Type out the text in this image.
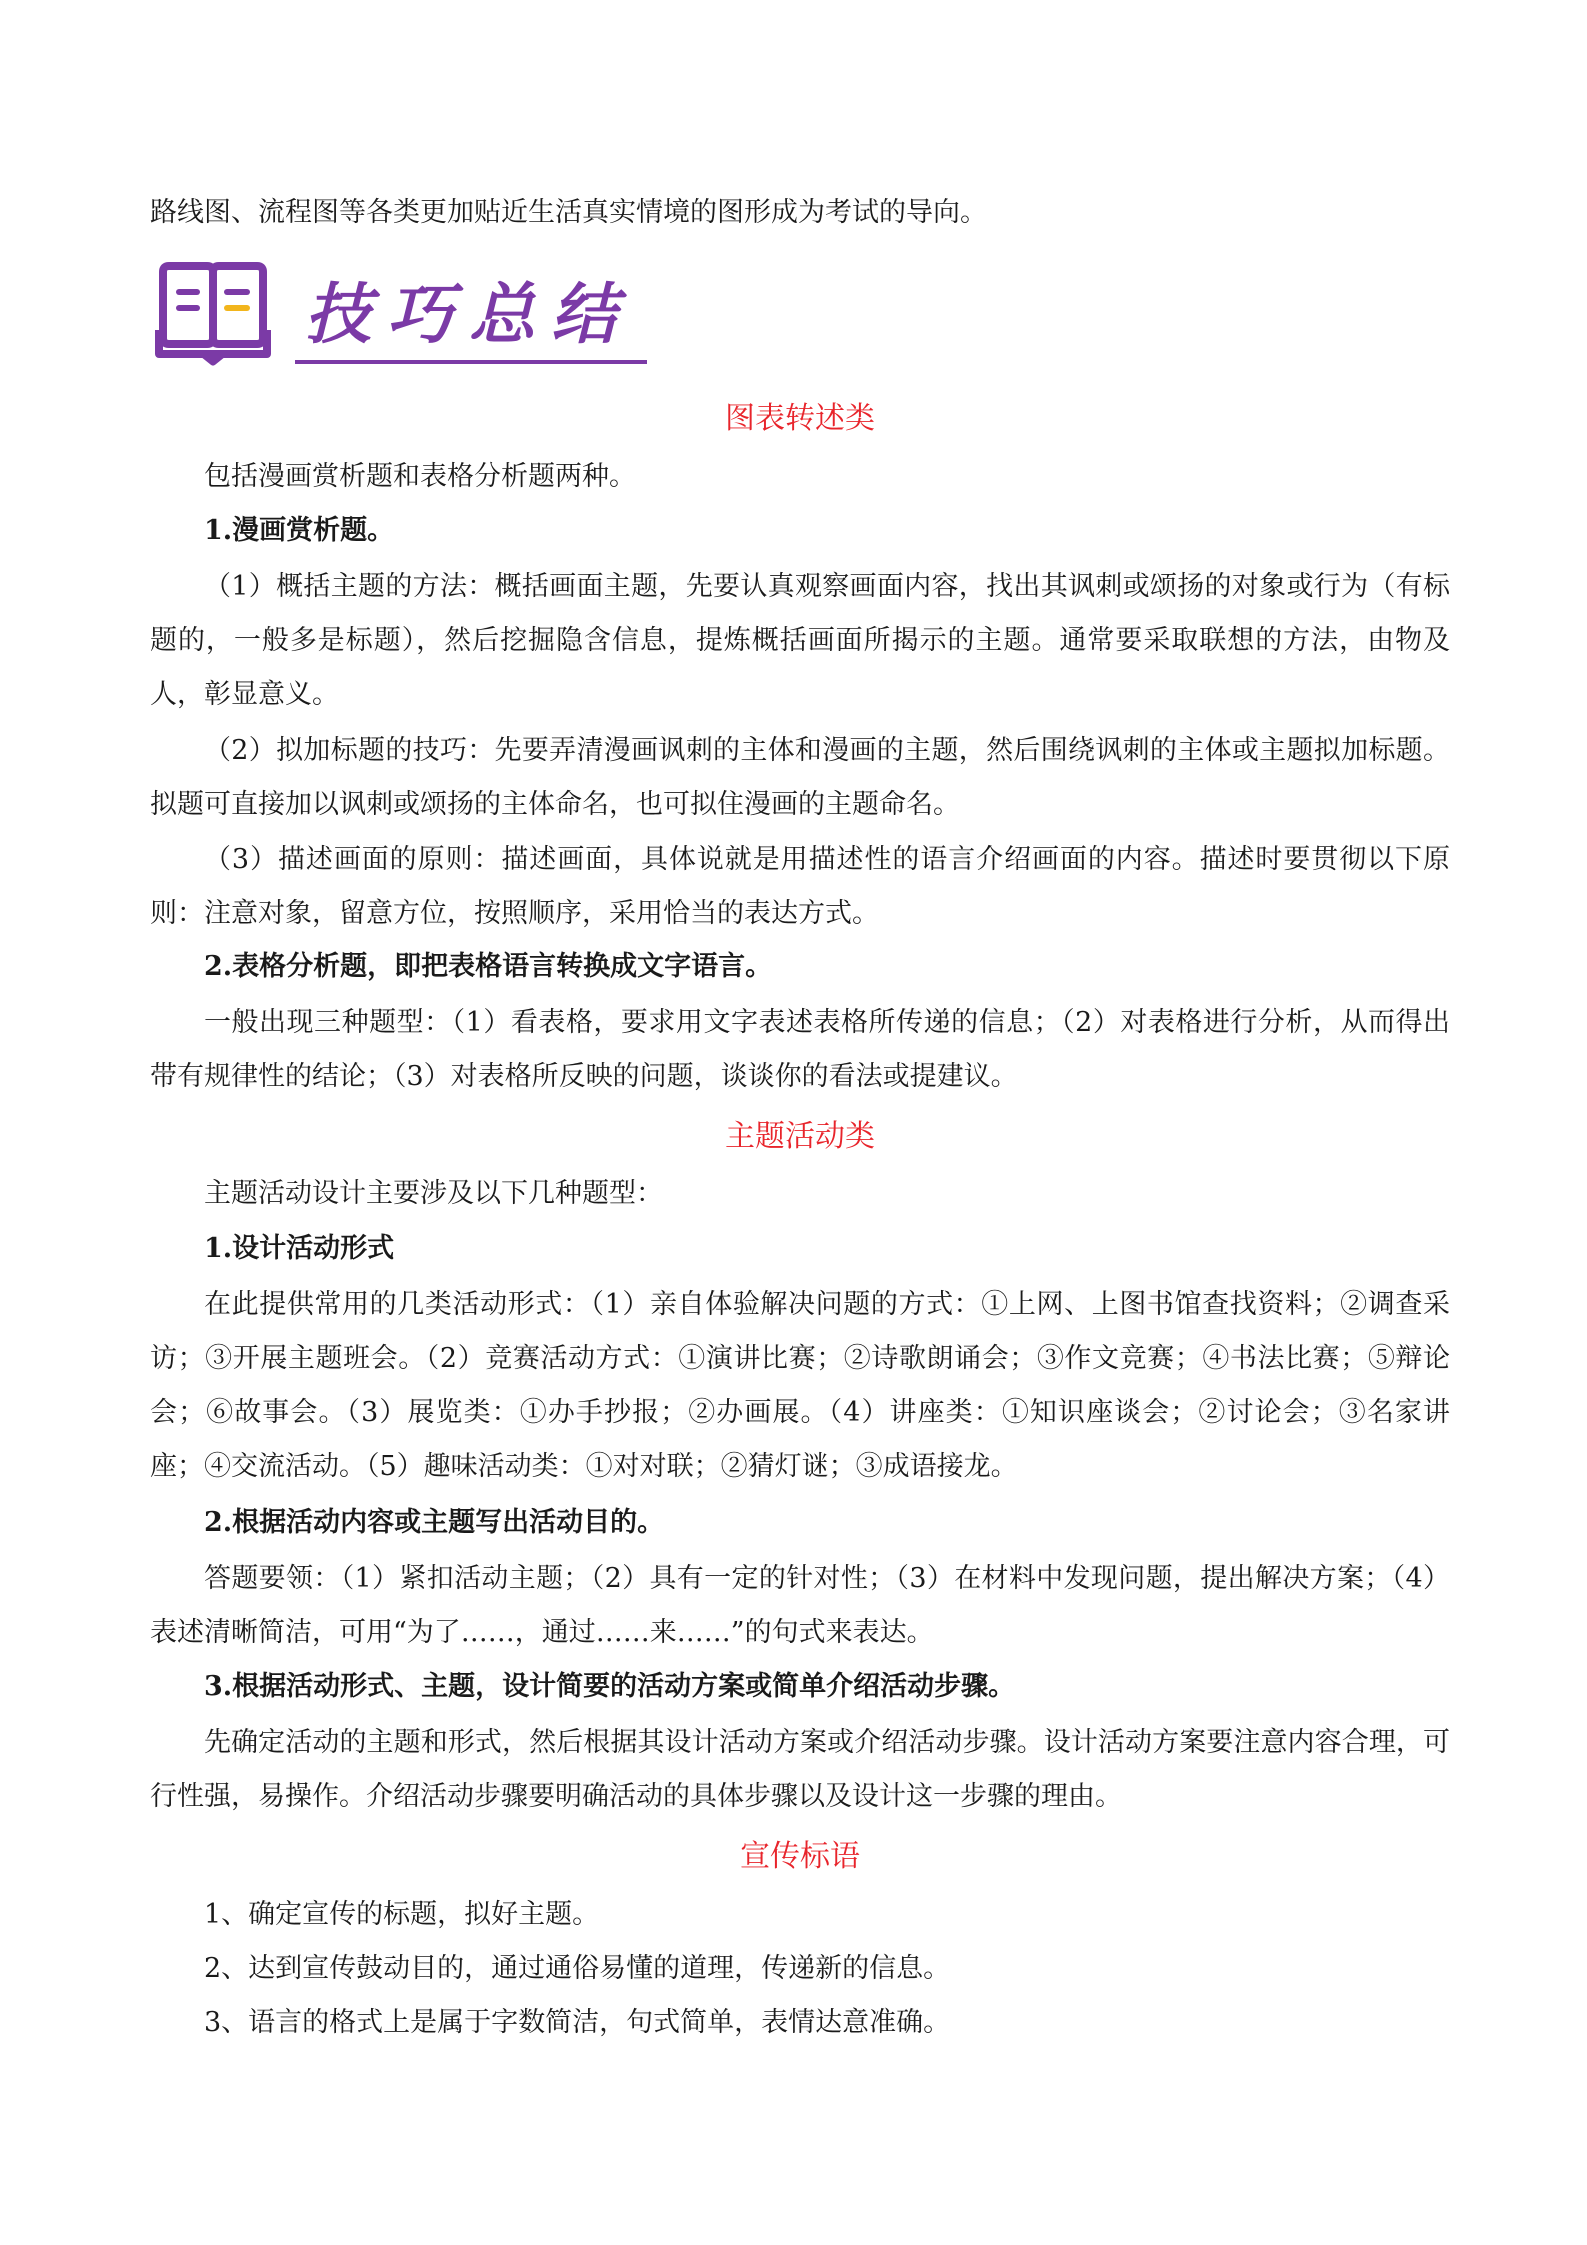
技巧总结
路线图、流程图等各类更加贴近生活真实情境的图形成为考试的导向。
图表转述类
包括漫画赏析题和表格分析题两种。
1.漫画赏析题。
（1）概括主题的方法：概括画面主题，先要认真观察画面内容，找出其讽刺或颂扬的对象或行为（有标题的，一般多是标题），然后挖掘隐含信息，提炼概括画面所揭示的主题。通常要采取联想的方法，由物及人，彰显意义。
（2）拟加标题的技巧：先要弄清漫画讽刺的主体和漫画的主题，然后围绕讽刺的主体或主题拟加标题。拟题可直接加以讽刺或颂扬的主体命名，也可拟住漫画的主题命名。
（3）描述画面的原则：描述画面，具体说就是用描述性的语言介绍画面的内容。描述时要贯彻以下原则：注意对象，留意方位，按照顺序，采用恰当的表达方式。
2.表格分析题，即把表格语言转换成文字语言。
一般出现三种题型：（1）看表格，要求用文字表述表格所传递的信息；（2）对表格进行分析，从而得出带有规律性的结论；（3）对表格所反映的问题，谈谈你的看法或提建议。
主题活动类
主题活动设计主要涉及以下几种题型：
1.设计活动形式
在此提供常用的几类活动形式：（1）亲自体验解决问题的方式：①上网、上图书馆查找资料；②调查采访；③开展主题班会。（2）竞赛活动方式：①演讲比赛；②诗歌朗诵会；③作文竞赛；④书法比赛；⑤辩论会；⑥故事会。（3）展览类：①办手抄报；②办画展。（4）讲座类：①知识座谈会；②讨论会；③名家讲座；④交流活动。（5）趣味活动类：①对对联；②猜灯谜；③成语接龙。
2.根据活动内容或主题写出活动目的。
答题要领：（1）紧扣活动主题；（2）具有一定的针对性；（3）在材料中发现问题，提出解决方案；（4）表述清晰简洁，可用“为了……，通过……来……”的句式来表达。
3.根据活动形式、主题，设计简要的活动方案或简单介绍活动步骤。
先确定活动的主题和形式，然后根据其设计活动方案或介绍活动步骤。设计活动方案要注意内容合理，可行性强，易操作。介绍活动步骤要明确活动的具体步骤以及设计这一步骤的理由。
宣传标语
1、确定宣传的标题，拟好主题。
2、达到宣传鼓动目的，通过通俗易懂的道理，传递新的信息。
3、语言的格式上是属于字数简洁，句式简单，表情达意准确。
